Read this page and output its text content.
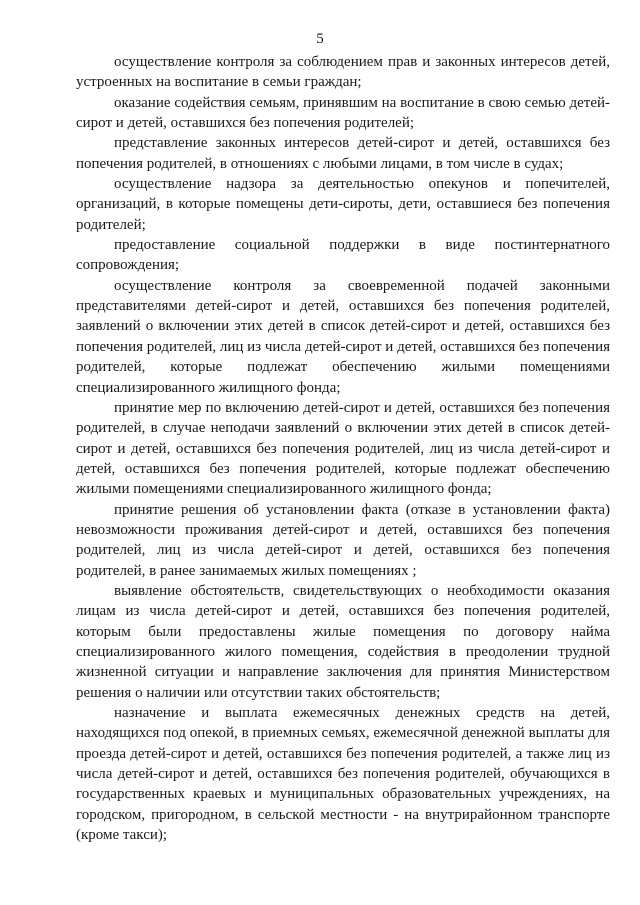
5

осуществление контроля за соблюдением прав и законных интересов детей, устроенных на воспитание в семьи граждан;

оказание содействия семьям, принявшим на воспитание в свою семью детей-сирот и детей, оставшихся без попечения родителей;

представление законных интересов детей-сирот и детей, оставшихся без попечения родителей, в отношениях с любыми лицами, в том числе в судах;

осуществление надзора за деятельностью опекунов и попечителей, организаций, в которые помещены дети-сироты, дети, оставшиеся без попечения родителей;

предоставление социальной поддержки в виде постинтернатного сопровождения;

осуществление контроля за своевременной подачей законными представителями детей-сирот и детей, оставшихся без попечения родителей, заявлений о включении этих детей в список детей-сирот и детей, оставшихся без попечения родителей, лиц из числа детей-сирот и детей, оставшихся без попечения родителей, которые подлежат обеспечению жилыми помещениями специализированного жилищного фонда;

принятие мер по включению детей-сирот и детей, оставшихся без попечения родителей, в случае неподачи заявлений о включении этих детей в список детей-сирот и детей, оставшихся без попечения родителей, лиц из числа детей-сирот и детей, оставшихся без попечения родителей, которые подлежат обеспечению жилыми помещениями специализированного жилищного фонда;

принятие решения об установлении факта (отказе в установлении факта) невозможности проживания детей-сирот и детей, оставшихся без попечения родителей, лиц из числа детей-сирот и детей, оставшихся без попечения родителей, в ранее занимаемых жилых помещениях ;

выявление обстоятельств, свидетельствующих о необходимости оказания лицам из числа детей-сирот и детей, оставшихся без попечения родителей, которым были предоставлены жилые помещения по договору найма специализированного жилого помещения, содействия в преодолении трудной жизненной ситуации и направление заключения для принятия Министерством решения о наличии или отсутствии таких обстоятельств;

назначение и выплата ежемесячных денежных средств на детей, находящихся под опекой, в приемных семьях, ежемесячной денежной выплаты для проезда детей-сирот и детей, оставшихся без попечения родителей, а также лиц из числа детей-сирот и детей, оставшихся без попечения родителей, обучающихся в государственных краевых и муниципальных образовательных учреждениях, на городском, пригородном, в сельской местности - на внутрирайонном транспорте (кроме такси);
